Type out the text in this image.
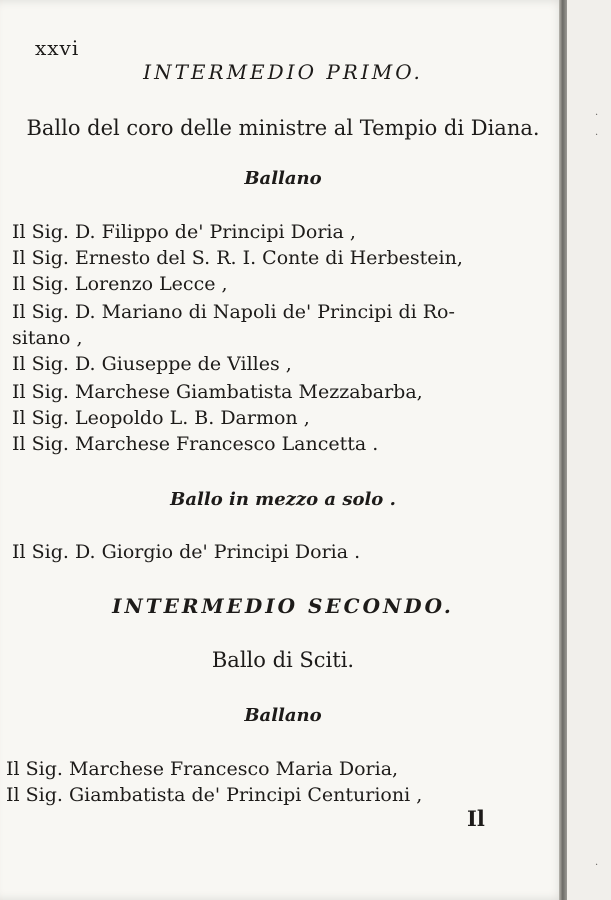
xxvi
INTERMEDIO PRIMO.
Ballo del coro delle ministre al Tempio di Diana.
Ballano
Il Sig. D. Filippo de' Principi Doria ,
Il Sig. Ernesto del S. R. I. Conte di Herbestein,
Il Sig. Lorenzo Lecce ,
Il Sig. D. Mariano di Napoli de' Principi di Ro-
sitano ,
Il Sig. D. Giuseppe de Villes ,
Il Sig. Marchese Giambatista Mezzabarba,
Il Sig. Leopoldo L. B. Darmon ,
Il Sig. Marchese Francesco Lancetta .
Ballo in mezzo a solo .
Il Sig. D. Giorgio de' Principi Doria .
INTERMEDIO SECONDO.
Ballo di Sciti.
Ballano
Il Sig. Marchese Francesco Maria Doria,
Il Sig. Giambatista de' Principi Centurioni ,
Il
·
·
·
